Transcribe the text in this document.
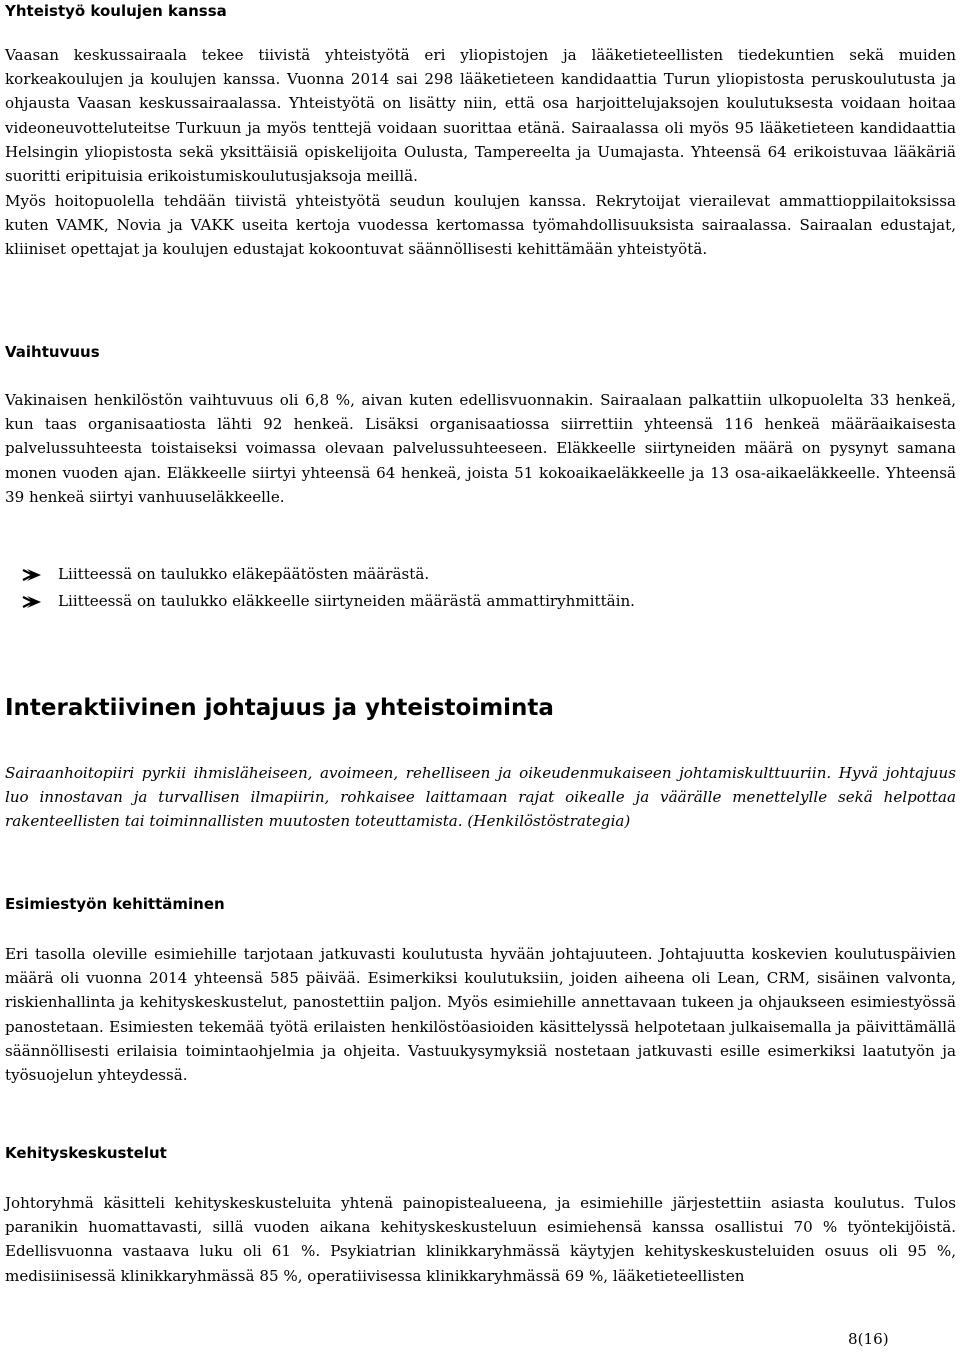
Yhteistyö koulujen kanssa

Vaasan keskussairaala tekee tiivistä yhteistyötä eri yliopistojen ja lääketieteellisten tiedekuntien sekä muiden korkeakoulujen ja koulujen kanssa. Vuonna 2014 sai 298 lääketieteen kandidaattia Turun yliopistosta peruskoulutusta ja ohjausta Vaasan keskussairaalassa. Yhteistyötä on lisätty niin, että osa harjoittelujaksojen koulutuksesta voidaan hoitaa videoneuvotteluteitse Turkuun ja myös tenttejä voidaan suorittaa etänä. Sairaalassa oli myös 95 lääketieteen kandidaattia Helsingin yliopistosta sekä yksittäisiä opiskelijoita Oulusta, Tampereelta ja Uumajasta. Yhteensä 64 erikoistuvaa lääkäriä suoritti eripituisia erikoistumiskoulutusjaksoja meillä.

Myös hoitopuolella tehdään tiivistä yhteistyötä seudun koulujen kanssa. Rekrytoijat vierailevat ammattioppilaitoksissa kuten VAMK, Novia ja VAKK useita kertoja vuodessa kertomassa työmahdollisuuksista sairaalassa. Sairaalan edustajat, kliiniset opettajat ja koulujen edustajat kokoontuvat säännöllisesti kehittämään yhteistyötä.

Vaihtuvuus

Vakinaisen henkilöstön vaihtuvuus oli 6,8 %, aivan kuten edellisvuonnakin. Sairaalaan palkattiin ulkopuolelta 33 henkeä, kun taas organisaatiosta lähti 92 henkeä. Lisäksi organisaatiossa siirrettiin yhteensä 116 henkeä määräaikaisesta palvelussuhteesta toistaiseksi voimassa olevaan palvelussuhteeseen. Eläkkeelle siirtyneiden määrä on pysynyt samana monen vuoden ajan. Eläkkeelle siirtyi yhteensä 64 henkeä, joista 51 kokoaikaeläkkeelle ja 13 osa-aikaeläkkeelle. Yhteensä 39 henkeä siirtyi vanhuuseläkkeelle.

Liitteessä on taulukko eläkepäätösten määrästä.
Liitteessä on taulukko eläkkeelle siirtyneiden määrästä ammattiryhmittäin.
Interaktiivinen johtajuus ja yhteistoiminta

Sairaanhoitopiiri pyrkii ihmisläheiseen, avoimeen, rehelliseen ja oikeudenmukaiseen johtamiskulttuuriin. Hyvä johtajuus luo innostavan ja turvallisen ilmapiirin, rohkaisee laittamaan rajat oikealle ja väärälle menettelylle sekä helpottaa rakenteellisten tai toiminnallisten muutosten toteuttamista. (Henkilöstöstrategia)

Esimiestyön kehittäminen

Eri tasolla oleville esimiehille tarjotaan jatkuvasti koulutusta hyvään johtajuuteen. Johtajuutta koskevien koulutuspäivien määrä oli vuonna 2014 yhteensä 585 päivää. Esimerkiksi koulutuksiin, joiden aiheena oli Lean, CRM, sisäinen valvonta, riskienhallinta ja kehityskeskustelut, panostettiin paljon. Myös esimiehille annettavaan tukeen ja ohjaukseen esimiestyössä panostetaan. Esimiesten tekemää työtä erilaisten henkilöstöasioiden käsittelyssä helpotetaan julkaisemalla ja päivittämällä säännöllisesti erilaisia toimintaohjelmia ja ohjeita. Vastuukysymyksiä nostetaan jatkuvasti esille esimerkiksi laatutyön ja työsuojelun yhteydessä.

Kehityskeskustelut

Johtoryhmä käsitteli kehityskeskusteluita yhtenä painopistealueena, ja esimiehille järjestettiin asiasta koulutus. Tulos paranikin huomattavasti, sillä vuoden aikana kehityskeskusteluun esimiehensä kanssa osallistui 70 % työntekijöistä. Edellisvuonna vastaava luku oli 61 %. Psykiatrian klinikkaryhmässä käytyjen kehityskeskusteluiden osuus oli 95 %, medisiinisessä klinikkaryhmässä 85 %, operatiivisessa klinikkaryhmässä 69 %, lääketieteellisten

8(16)
